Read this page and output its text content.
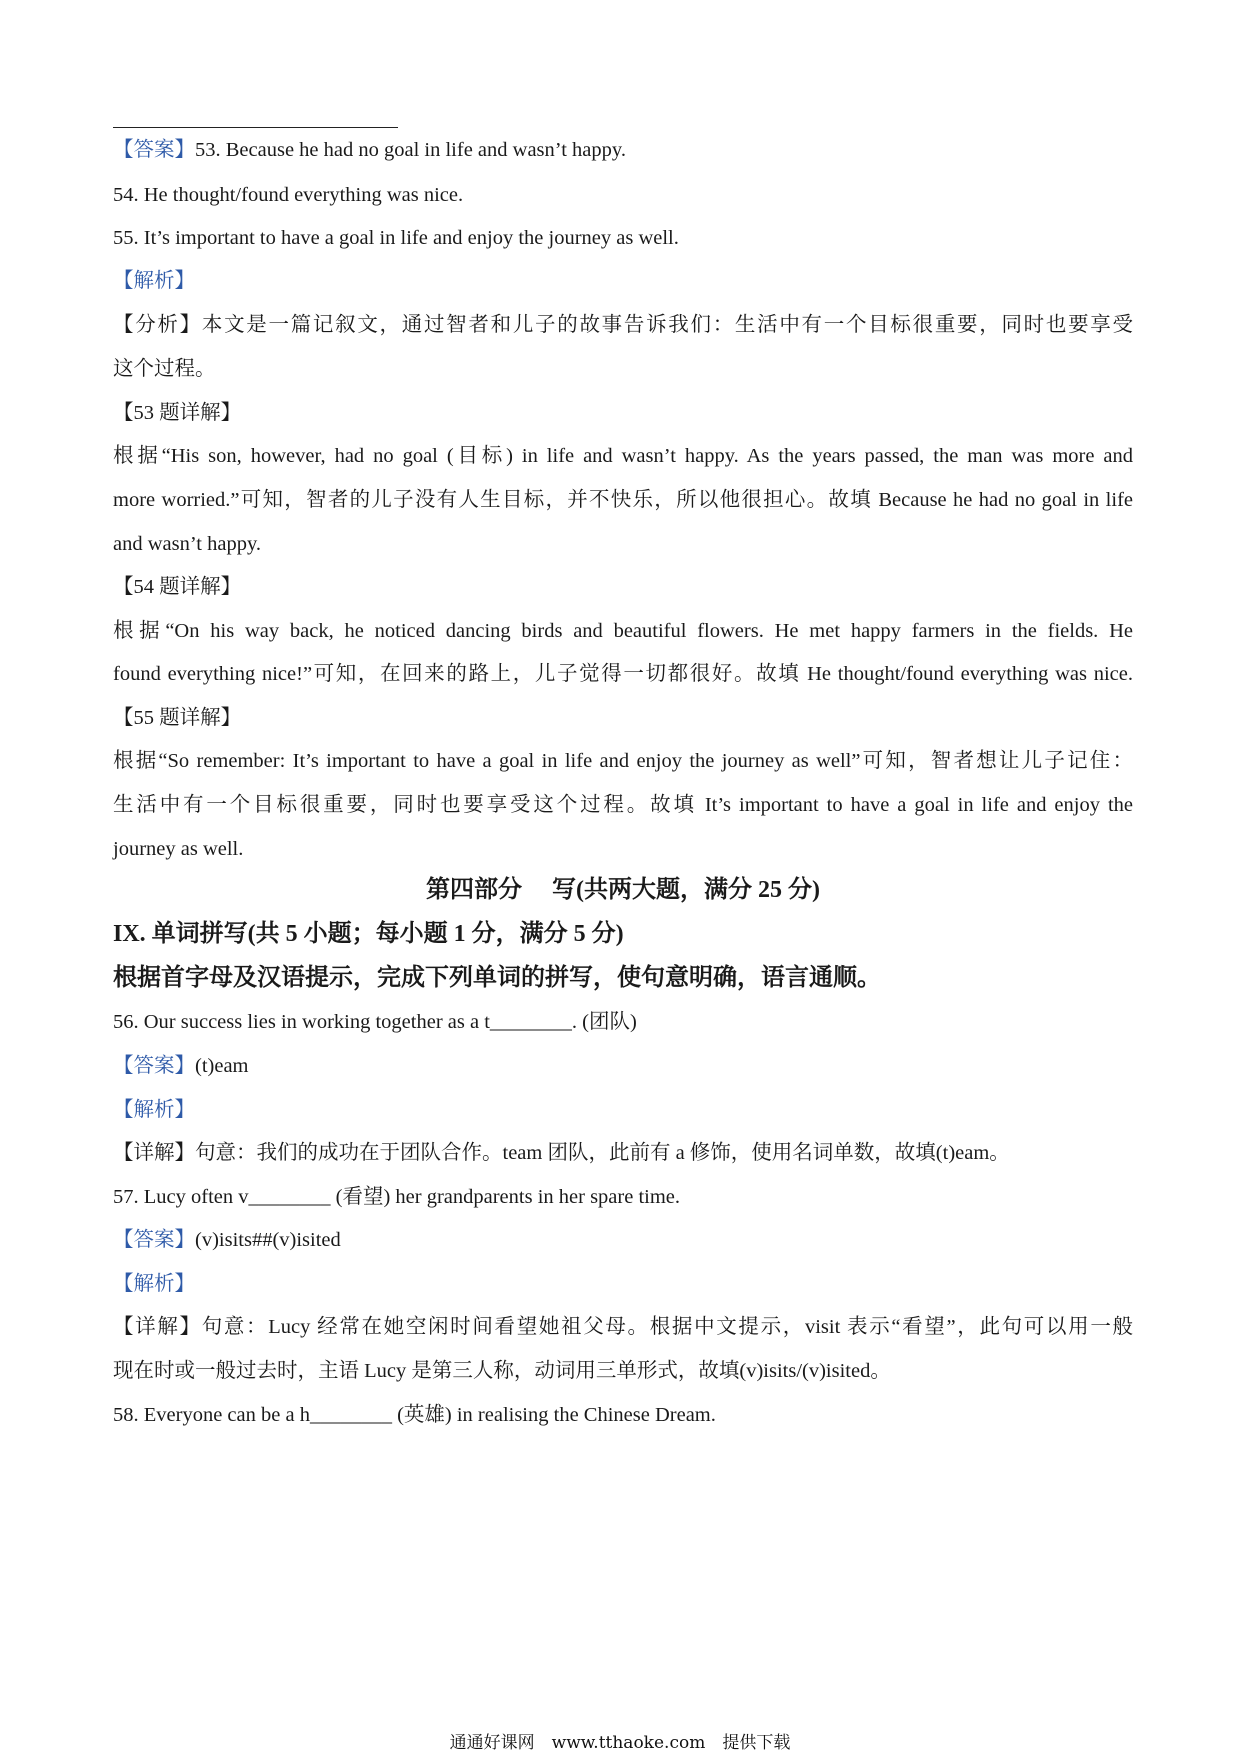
【答案】53. Because he had no goal in life and wasn’t happy.
54. He thought/found everything was nice.
55. It’s important to have a goal in life and enjoy the journey as well.
【解析】
【分析】本文是一篇记叙文，通过智者和儿子的故事告诉我们：生活中有一个目标很重要，同时也要享受
这个过程。
【53 题详解】
根据“His son, however, had no goal (目标) in life and wasn’t happy. As the years passed, the man was more and
more worried.”可知，智者的儿子没有人生目标，并不快乐，所以他很担心。故填 Because he had no goal in life
and wasn’t happy.
【54 题详解】
根据“On his way back, he noticed dancing birds and beautiful flowers. He met happy farmers in the fields. He
found everything nice!”可知，在回来的路上，儿子觉得一切都很好。故填 He thought/found everything was nice.
【55 题详解】
根据“So remember: It’s important to have a goal in life and enjoy the journey as well”可知，智者想让儿子记住：
生活中有一个目标很重要，同时也要享受这个过程。故填 It’s important to have a goal in life and enjoy the
journey as well.
第四部分　 写(共两大题，满分 25 分)
IX. 单词拼写(共 5 小题；每小题 1 分，满分 5 分)
根据首字母及汉语提示，完成下列单词的拼写，使句意明确，语言通顺。
56. Our success lies in working together as a t________. (团队)
【答案】(t)eam
【解析】
【详解】句意：我们的成功在于团队合作。team 团队，此前有 a 修饰，使用名词单数，故填(t)eam。
57. Lucy often v________ (看望) her grandparents in her spare time.
【答案】(v)isits##(v)isited
【解析】
【详解】句意：Lucy 经常在她空闲时间看望她祖父母。根据中文提示，visit 表示“看望”，此句可以用一般
现在时或一般过去时，主语 Lucy 是第三人称，动词用三单形式，故填(v)isits/(v)isited。
58. Everyone can be a h________ (英雄) in realising the Chinese Dream.
通通好课网　www.tthaoke.com　提供下载
